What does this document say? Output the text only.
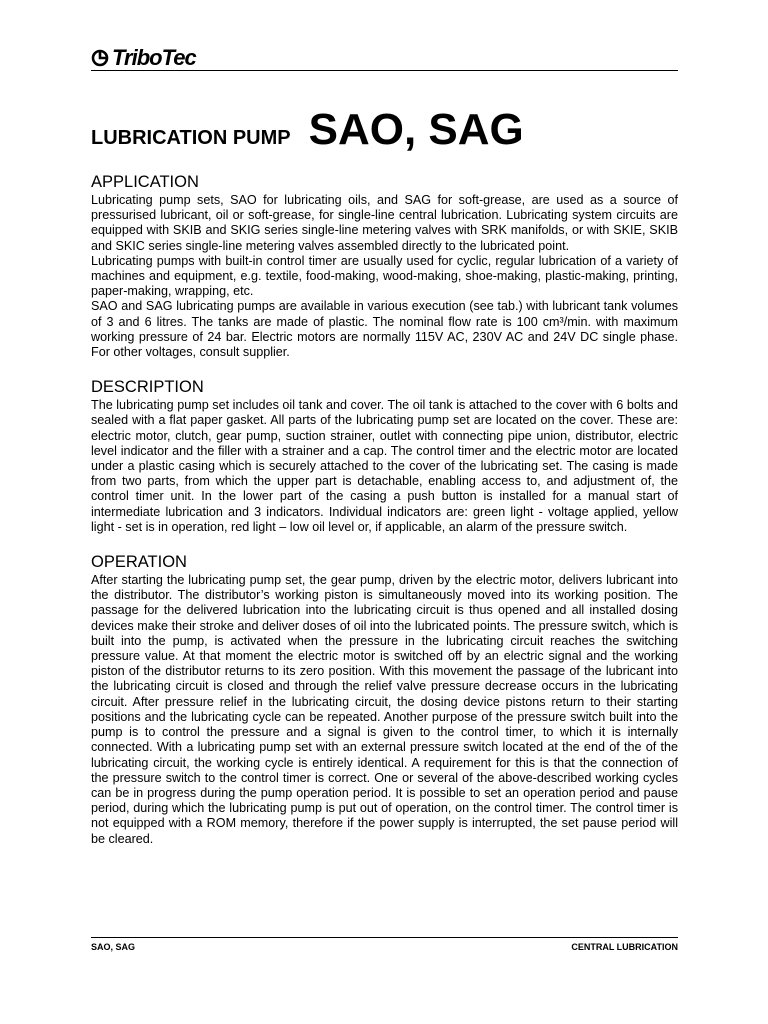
TriboTec
LUBRICATION PUMP SAO, SAG
APPLICATION

Lubricating pump sets, SAO for lubricating oils, and SAG for soft-grease, are used as a source of pressurised lubricant, oil or soft-grease, for single-line central lubrication. Lubricating system circuits are equipped with SKIB and SKIG series single-line metering valves with SRK manifolds, or with SKIE, SKIB and SKIC series single-line metering valves assembled directly to the lubricated point.

Lubricating pumps with built-in control timer are usually used for cyclic, regular lubrication of a variety of machines and equipment, e.g. textile, food-making, wood-making, shoe-making, plastic-making, printing, paper-making, wrapping, etc.

SAO and SAG lubricating pumps are available in various execution (see tab.) with lubricant tank volumes of 3 and 6 litres. The tanks are made of plastic. The nominal flow rate is 100 cm³/min. with maximum working pressure of 24 bar. Electric motors are normally 115V AC, 230V AC and 24V DC single phase. For other voltages, consult supplier.

DESCRIPTION

The lubricating pump set includes oil tank and cover. The oil tank is attached to the cover with 6 bolts and sealed with a flat paper gasket. All parts of the lubricating pump set are located on the cover. These are: electric motor, clutch, gear pump, suction strainer, outlet with connecting pipe union, distributor, electric level indicator and the filler with a strainer and a cap. The control timer and the electric motor are located under a plastic casing which is securely attached to the cover of the lubricating set. The casing is made from two parts, from which the upper part is detachable, enabling access to, and adjustment of, the control timer unit. In the lower part of the casing a push button is installed for a manual start of intermediate lubrication and 3 indicators. Individual indicators are: green light - voltage applied, yellow light - set is in operation, red light – low oil level or, if applicable, an alarm of the pressure switch.

OPERATION

After starting the lubricating pump set, the gear pump, driven by the electric motor, delivers lubricant into the distributor. The distributor’s working piston is simultaneously moved into its working position. The passage for the delivered lubrication into the lubricating circuit is thus opened and all installed dosing devices make their stroke and deliver doses of oil into the lubricated points. The pressure switch, which is built into the pump, is activated when the pressure in the lubricating circuit reaches the switching pressure value. At that moment the electric motor is switched off by an electric signal and the working piston of the distributor returns to its zero position. With this movement the passage of the lubricant into the lubricating circuit is closed and through the relief valve pressure decrease occurs in the lubricating circuit. After pressure relief in the lubricating circuit, the dosing device pistons return to their starting positions and the lubricating cycle can be repeated. Another purpose of the pressure switch built into the pump is to control the pressure and a signal is given to the control timer, to which it is internally connected. With a lubricating pump set with an external pressure switch located at the end of the of the lubricating circuit, the working cycle is entirely identical. A requirement for this is that the connection of the pressure switch to the control timer is correct. One or several of the above-described working cycles can be in progress during the pump operation period. It is possible to set an operation period and pause period, during which the lubricating pump is put out of operation, on the control timer. The control timer is not equipped with a ROM memory, therefore if the power supply is interrupted, the set pause period will be cleared.

SAO, SAG	CENTRAL LUBRICATION
